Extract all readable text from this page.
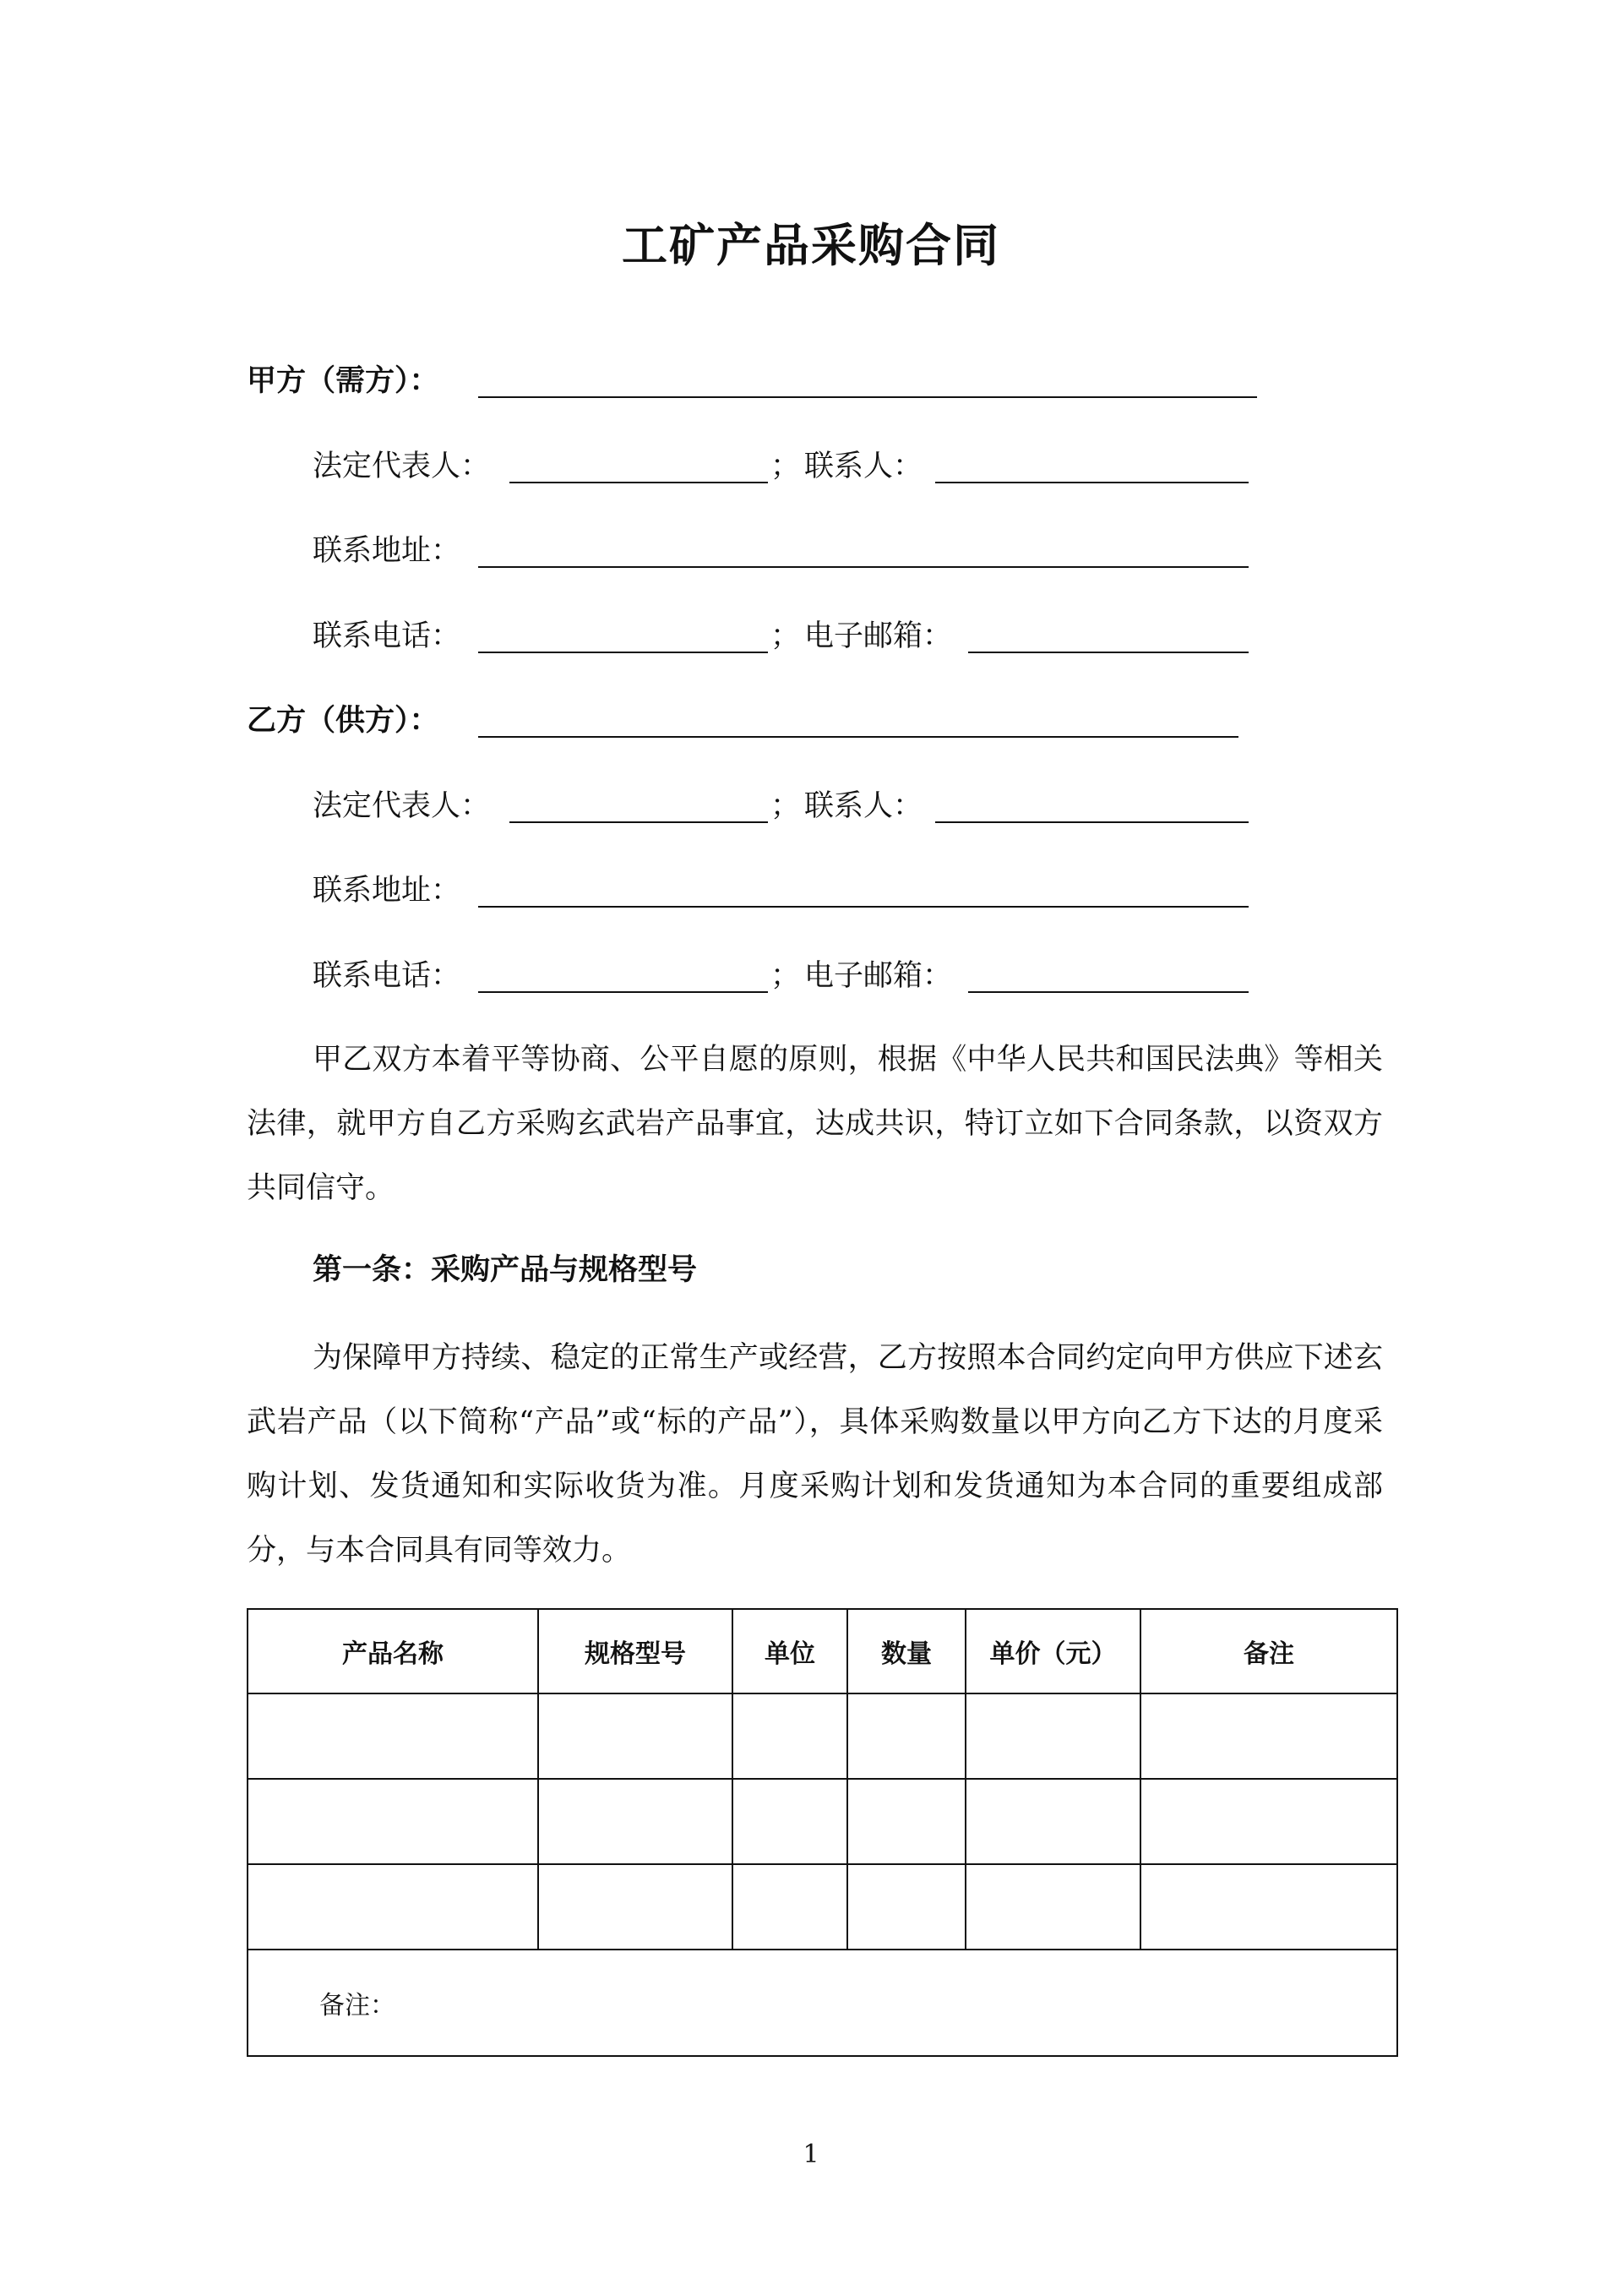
工矿产品采购合同
甲方（需方）：
法定代表人：	； 联系人：
联系地址：
联系电话：	； 电子邮箱：
乙方（供方）：
法定代表人：	； 联系人：
联系地址：
联系电话：	； 电子邮箱：
甲乙双方本着平等协商、公平自愿的原则，根据《中华人民共和国民法典》等相关法律，就甲方自乙方采购玄武岩产品事宜，达成共识，特订立如下合同条款，以资双方共同信守。
第一条：采购产品与规格型号
为保障甲方持续、稳定的正常生产或经营，乙方按照本合同约定向甲方供应下述玄武岩产品（以下简称“产品”或“标的产品”），具体采购数量以甲方向乙方下达的月度采购计划、发货通知和实际收货为准。月度采购计划和发货通知为本合同的重要组成部分，与本合同具有同等效力。
产品名称	规格型号	单位	数量	单价（元）	备注

备注：					
1
